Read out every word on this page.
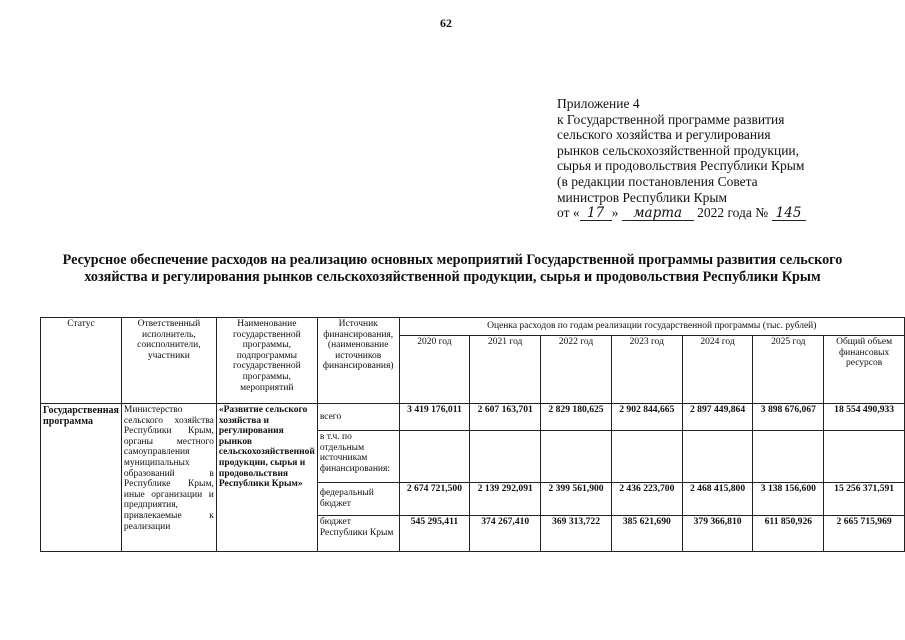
62
Приложение 4
к Государственной программе развития
сельского хозяйства и регулирования
рынков сельскохозяйственной продукции,
сырья и продовольствия Республики Крым
(в редакции постановления Совета
министров Республики Крым
от « 17 » марта 2022 года № 145
Ресурсное обеспечение расходов на реализацию основных мероприятий Государственной программы развития сельского хозяйства и регулирования рынков сельскохозяйственной продукции, сырья и продовольствия Республики Крым
Статус	Ответственный исполнитель, соисполнители, участники	Наименование государственной программы, подпрограммы государственной программы, мероприятий	Источник финансирования, (наименование источников финансирования)	Оценка расходов по годам реализации государственной программы (тыс. рублей)						
				2020 год	2021 год	2022 год	2023 год	2024 год	2025 год	Общий объем финансовых ресурсов
Государственная программа	Министерство сельского хозяйства Республики Крым, органы местного самоуправления муниципальных образований в Республике Крым, иные организации и предприятия, привлекаемые к реализации	«Развитие сельского хозяйства и регулирования рынков сельскохозяйственной продукции, сырья и продовольствия Республики Крым»	всего	3 419 176,011	2 607 163,701	2 829 180,625	2 902 844,665	2 897 449,864	3 898 676,067	18 554 490,933
			в т.ч. по отдельным источникам финансирования:							
			федеральный бюджет	2 674 721,500	2 139 292,091	2 399 561,900	2 436 223,700	2 468 415,800	3 138 156,600	15 256 371,591
			бюджет Республики Крым	545 295,411	374 267,410	369 313,722	385 621,690	379 366,810	611 850,926	2 665 715,969
